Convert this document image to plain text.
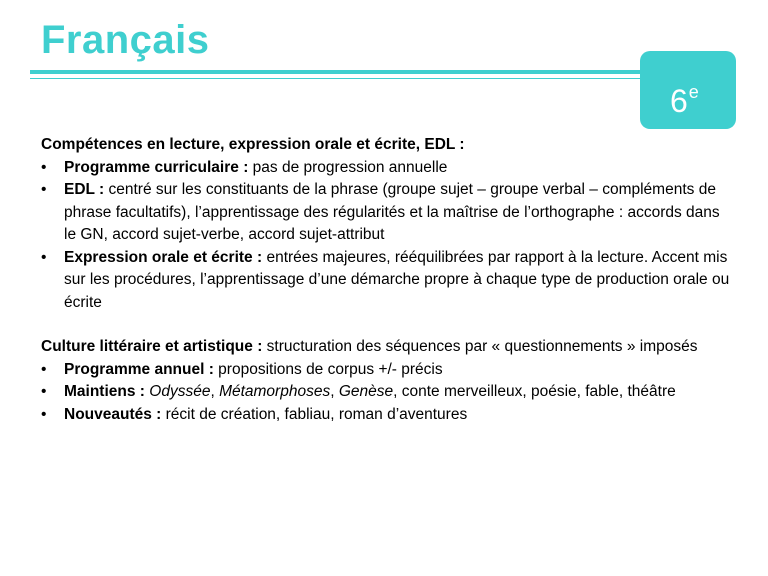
Français
6e

Compétences en lecture, expression orale et écrite, EDL :

• Programme curriculaire : pas de progression annuelle
• EDL : centré sur les constituants de la phrase (groupe sujet – groupe verbal – compléments de phrase facultatifs), l’apprentissage des régularités et la maîtrise de l’orthographe : accords dans le GN, accord sujet-verbe, accord sujet-attribut
• Expression orale et écrite : entrées majeures, rééquilibrées par rapport à la lecture. Accent mis sur les procédures, l’apprentissage d’une démarche propre à chaque type de production orale ou écrite

Culture littéraire et artistique : structuration des séquences par « questionnements » imposés

• Programme annuel : propositions de corpus +/- précis
• Maintiens : Odyssée, Métamorphoses, Genèse, conte merveilleux, poésie, fable, théâtre
• Nouveautés : récit de création, fabliau, roman d’aventures
